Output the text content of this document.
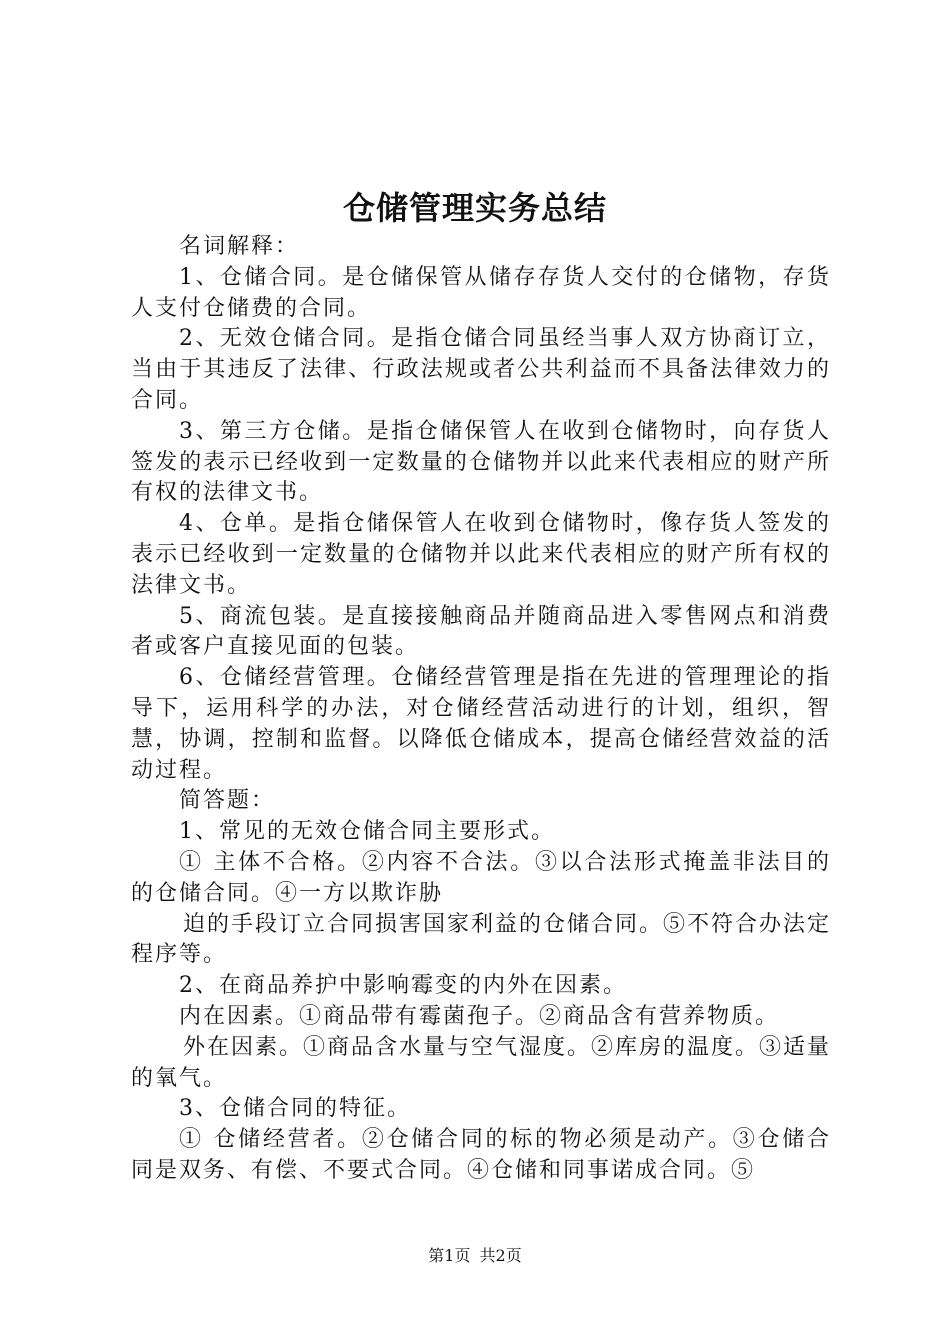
仓储管理实务总结

名词解释：

1、仓储合同。是仓储保管从储存存货人交付的仓储物，存货人支付仓储费的合同。

2、无效仓储合同。是指仓储合同虽经当事人双方协商订立，当由于其违反了法律、行政法规或者公共利益而不具备法律效力的合同。

3、第三方仓储。是指仓储保管人在收到仓储物时，向存货人签发的表示已经收到一定数量的仓储物并以此来代表相应的财产所有权的法律文书。

4、仓单。是指仓储保管人在收到仓储物时，像存货人签发的表示已经收到一定数量的仓储物并以此来代表相应的财产所有权的法律文书。

5、商流包装。是直接接触商品并随商品进入零售网点和消费者或客户直接见面的包装。

6、仓储经营管理。仓储经营管理是指在先进的管理理论的指导下，运用科学的办法，对仓储经营活动进行的计划，组织，智慧，协调，控制和监督。以降低仓储成本，提高仓储经营效益的活动过程。

简答题：

1、常见的无效仓储合同主要形式。

① 主体不合格。②内容不合法。③以合法形式掩盖非法目的的仓储合同。④一方以欺诈胁

迫的手段订立合同损害国家利益的仓储合同。⑤不符合办法定程序等。

2、在商品养护中影响霉变的内外在因素。

内在因素。①商品带有霉菌孢子。②商品含有营养物质。

外在因素。①商品含水量与空气湿度。②库房的温度。③适量的氧气。

3、仓储合同的特征。

① 仓储经营者。②仓储合同的标的物必须是动产。③仓储合同是双务、有偿、不要式合同。④仓储和同事诺成合同。⑤

第1页 共2页
